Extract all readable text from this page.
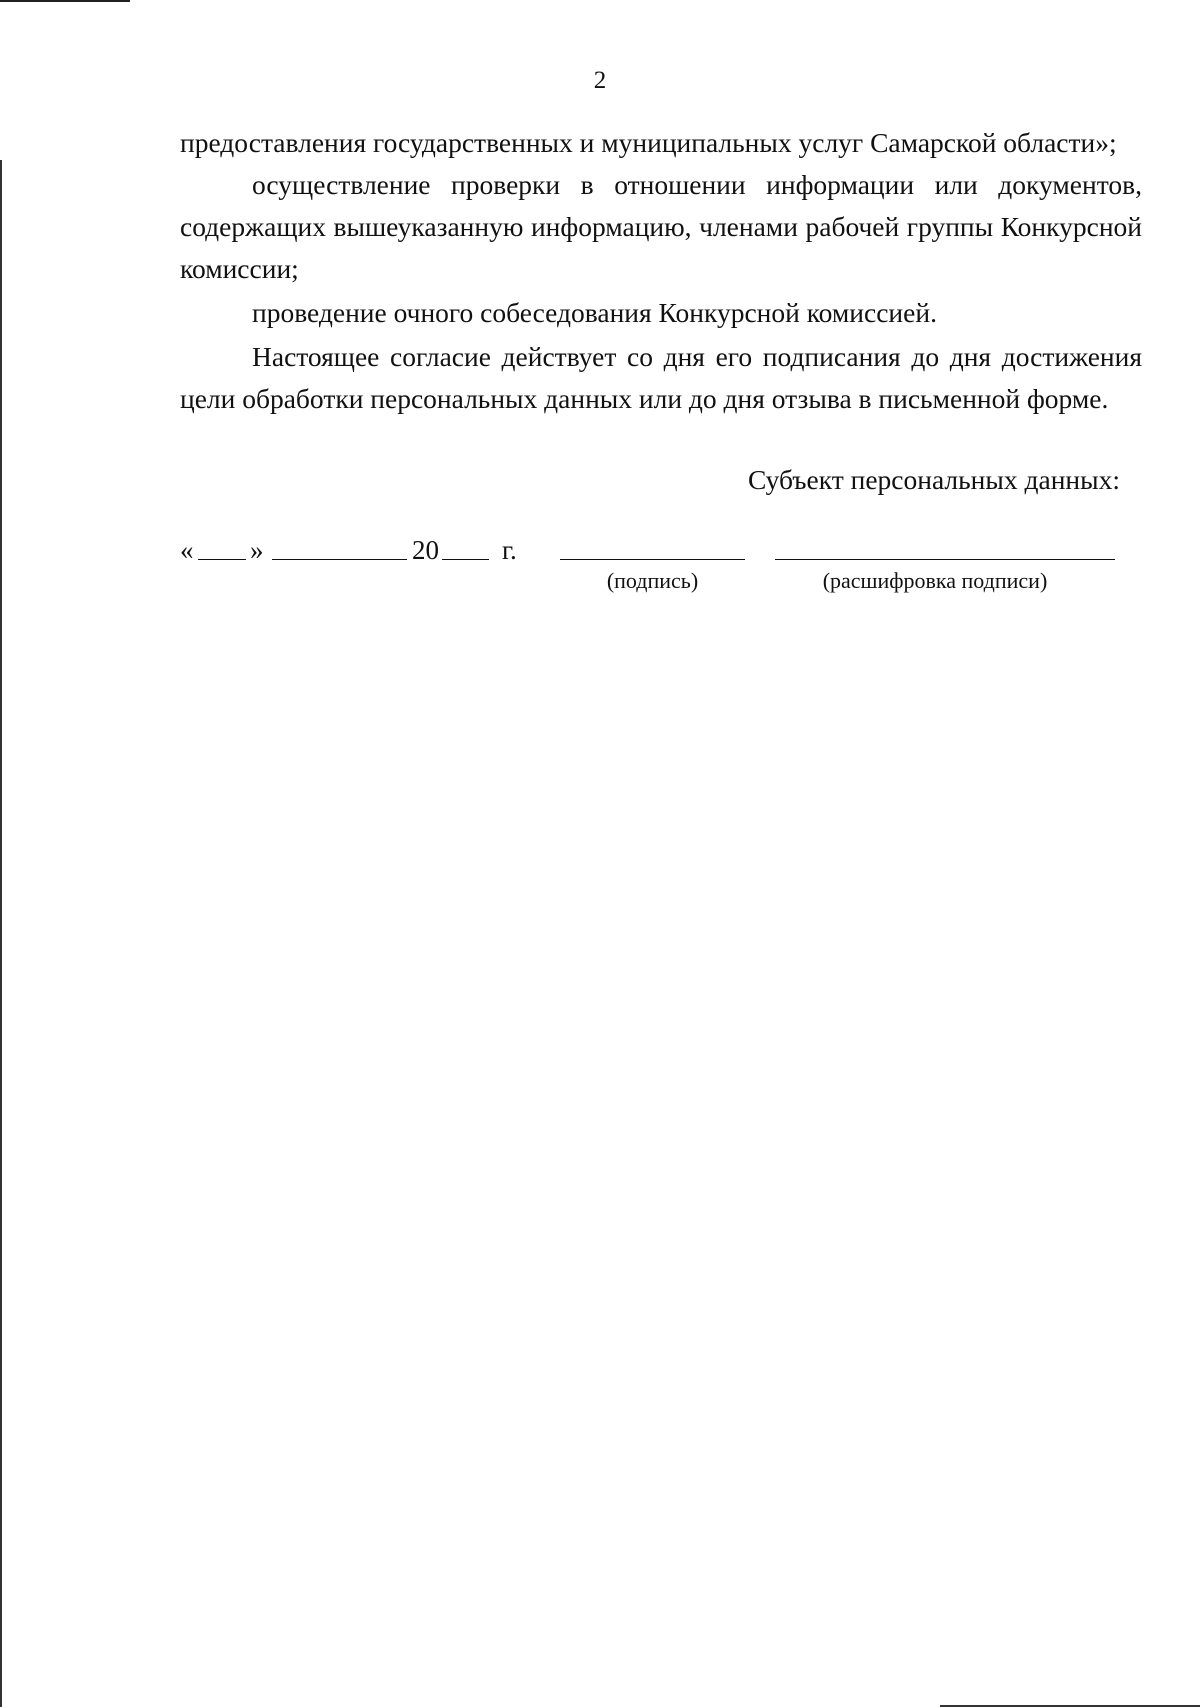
2

предоставления государственных и муниципальных услуг Самарской области»;

осуществление проверки в отношении информации или документов, содержащих вышеуказанную информацию, членами рабочей группы Конкурсной комиссии;

проведение очного собеседования Конкурсной комиссией.

Настоящее согласие действует со дня его подписания до дня достижения цели обработки персональных данных или до дня отзыва в письменной форме.

Субъект персональных данных:
« »	20 г.
(подпись)	(расшифровка подписи)
